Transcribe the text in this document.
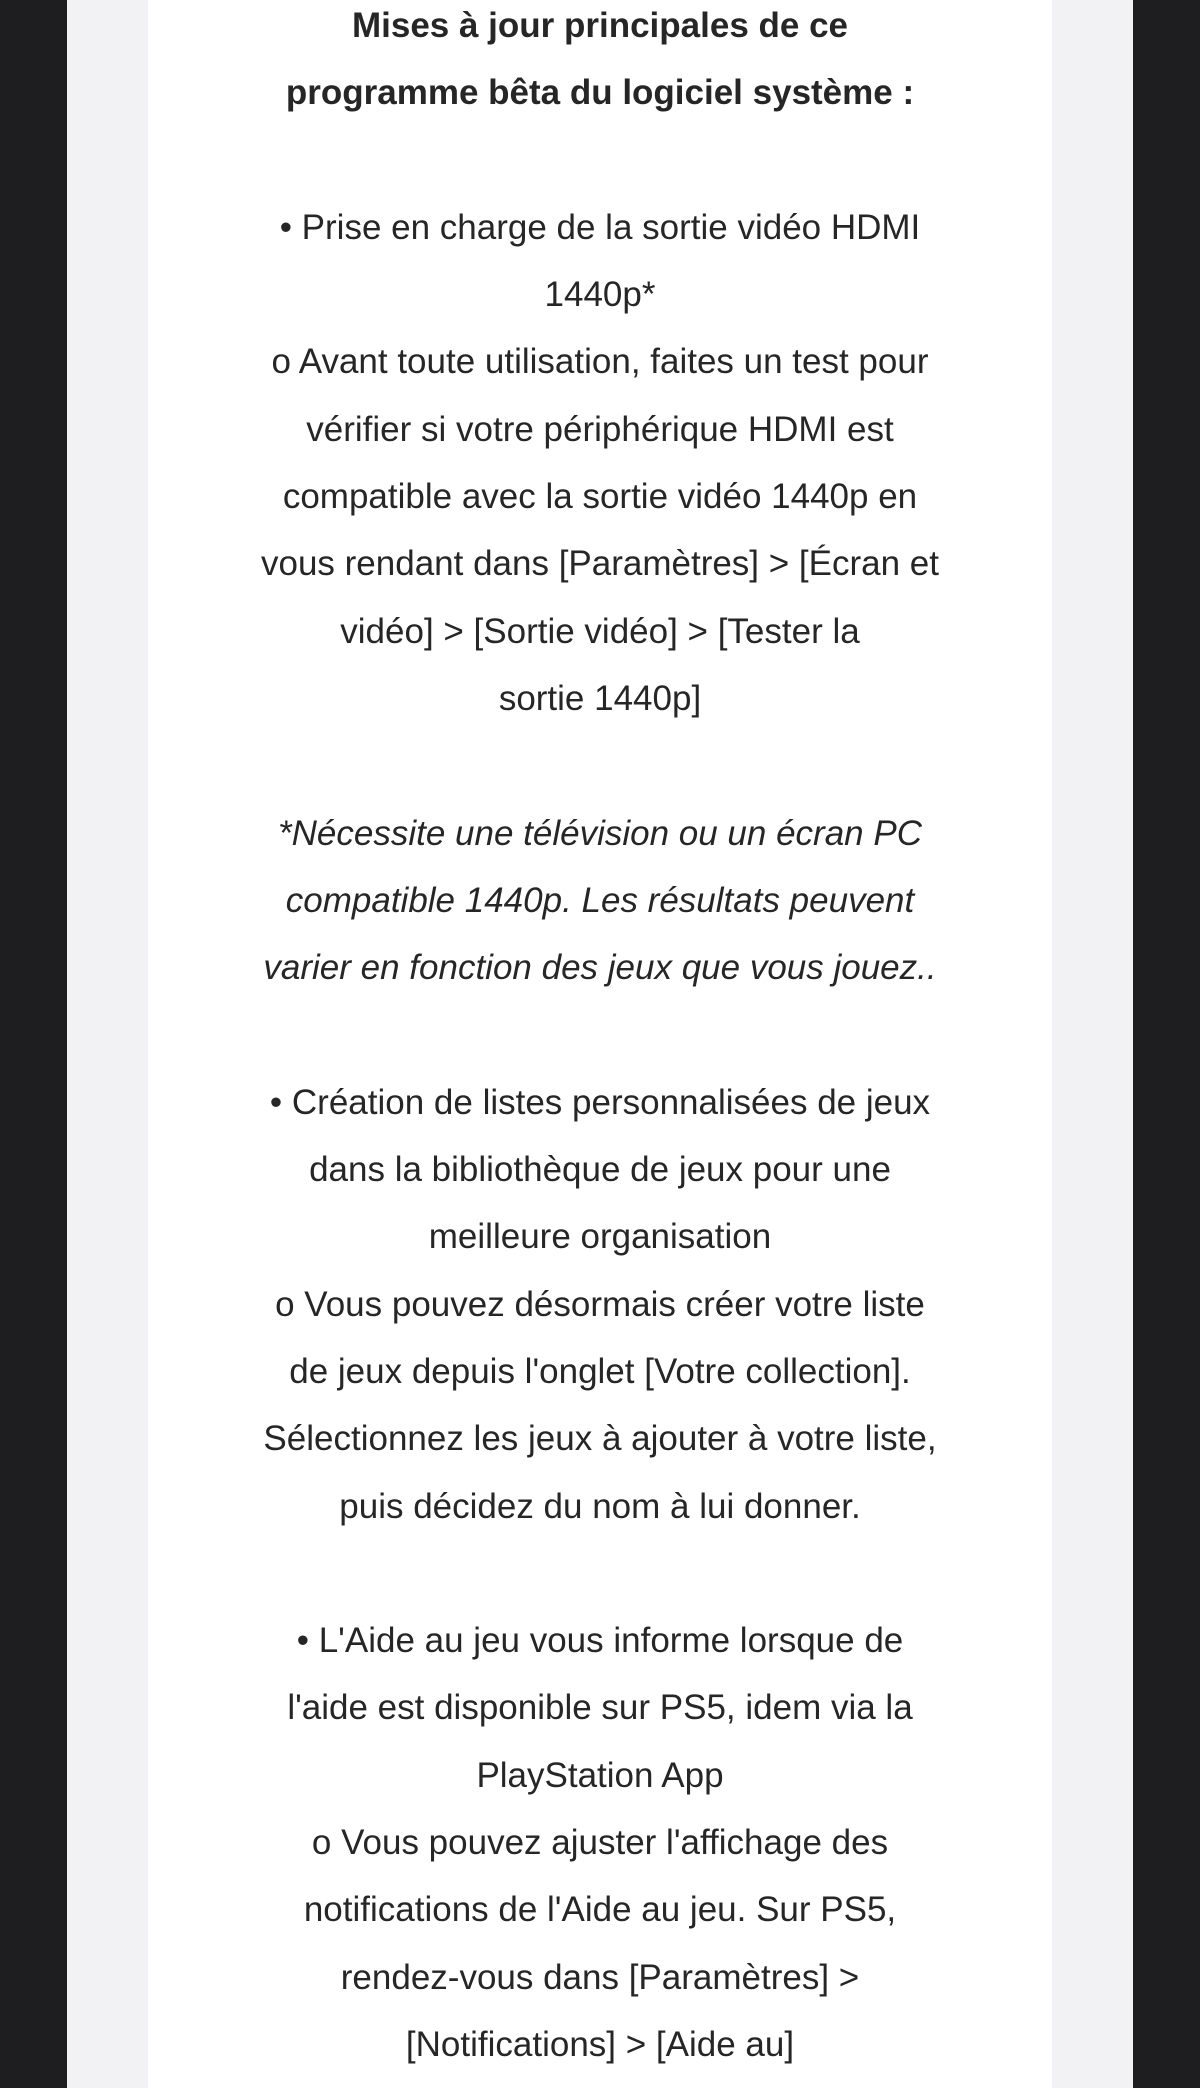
Mises à jour principales de ce

programme bêta du logiciel système :

• Prise en charge de la sortie vidéo HDMI

1440p*

o Avant toute utilisation, faites un test pour

vérifier si votre périphérique HDMI est

compatible avec la sortie vidéo 1440p en

vous rendant dans [Paramètres] > [Écran et

vidéo] > [Sortie vidéo] > [Tester la

sortie 1440p]

*Nécessite une télévision ou un écran PC

compatible 1440p. Les résultats peuvent

varier en fonction des jeux que vous jouez..

• Création de listes personnalisées de jeux

dans la bibliothèque de jeux pour une

meilleure organisation

o Vous pouvez désormais créer votre liste

de jeux depuis l'onglet [Votre collection].

Sélectionnez les jeux à ajouter à votre liste,

puis décidez du nom à lui donner.

• L'Aide au jeu vous informe lorsque de

l'aide est disponible sur PS5, idem via la

PlayStation App

o Vous pouvez ajuster l'affichage des

notifications de l'Aide au jeu. Sur PS5,

rendez-vous dans [Paramètres] >

[Notifications] > [Aide au]
